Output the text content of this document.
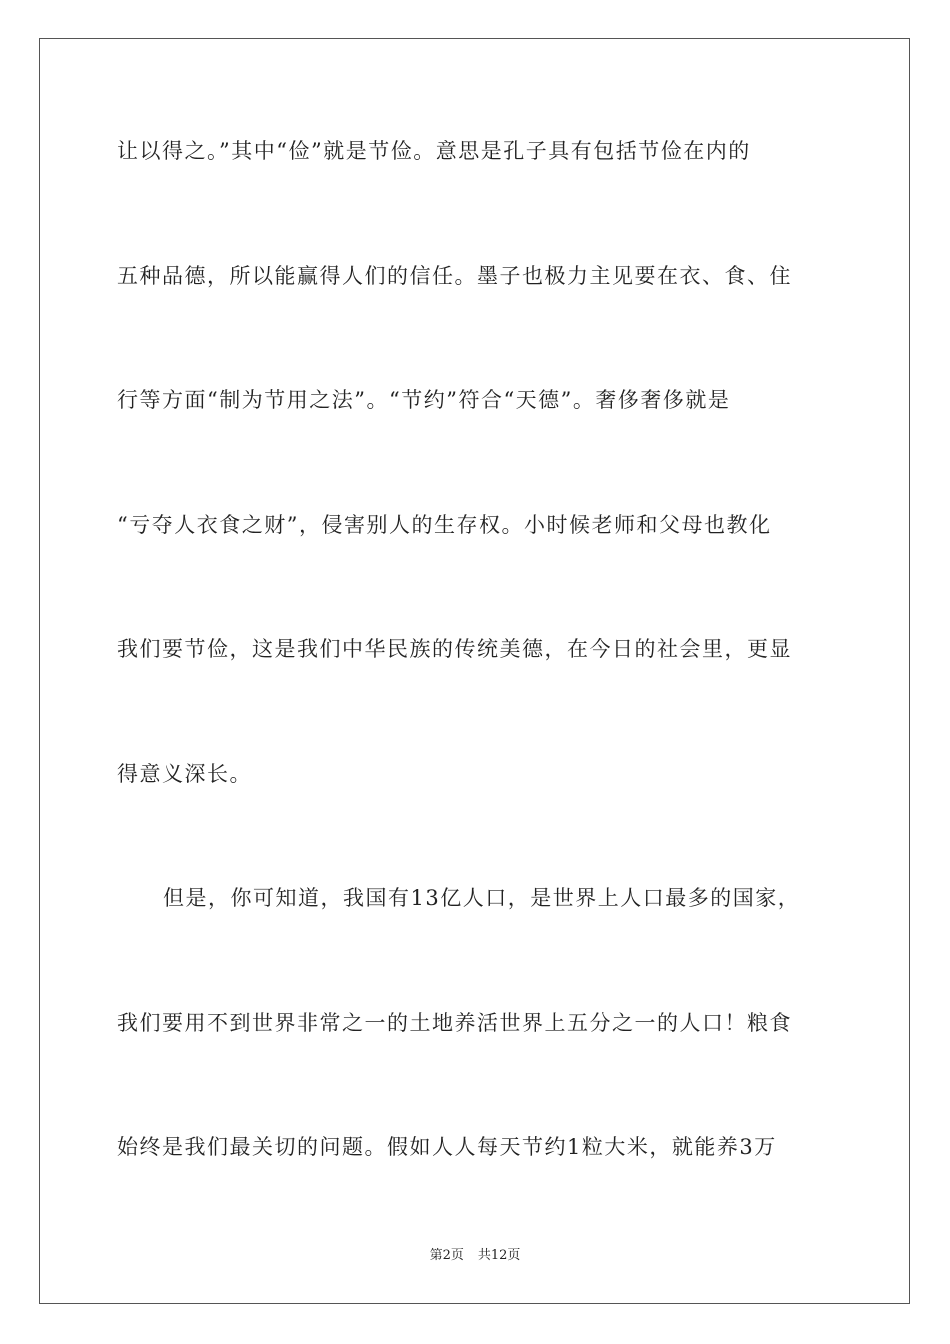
让以得之。”其中“俭”就是节俭。意思是孔子具有包括节俭在内的
五种品德，所以能赢得人们的信任。墨子也极力主见要在衣、食、住
行等方面“制为节用之法”。“节约”符合“天德”。奢侈奢侈就是
“亏夺人衣食之财”，侵害别人的生存权。小时候老师和父母也教化
我们要节俭，这是我们中华民族的传统美德，在今日的社会里，更显
得意义深长。
但是，你可知道，我国有13亿人口，是世界上人口最多的国家，
我们要用不到世界非常之一的土地养活世界上五分之一的人口！粮食
始终是我们最关切的问题。假如人人每天节约1粒大米，就能养3万
第2页 共12页
